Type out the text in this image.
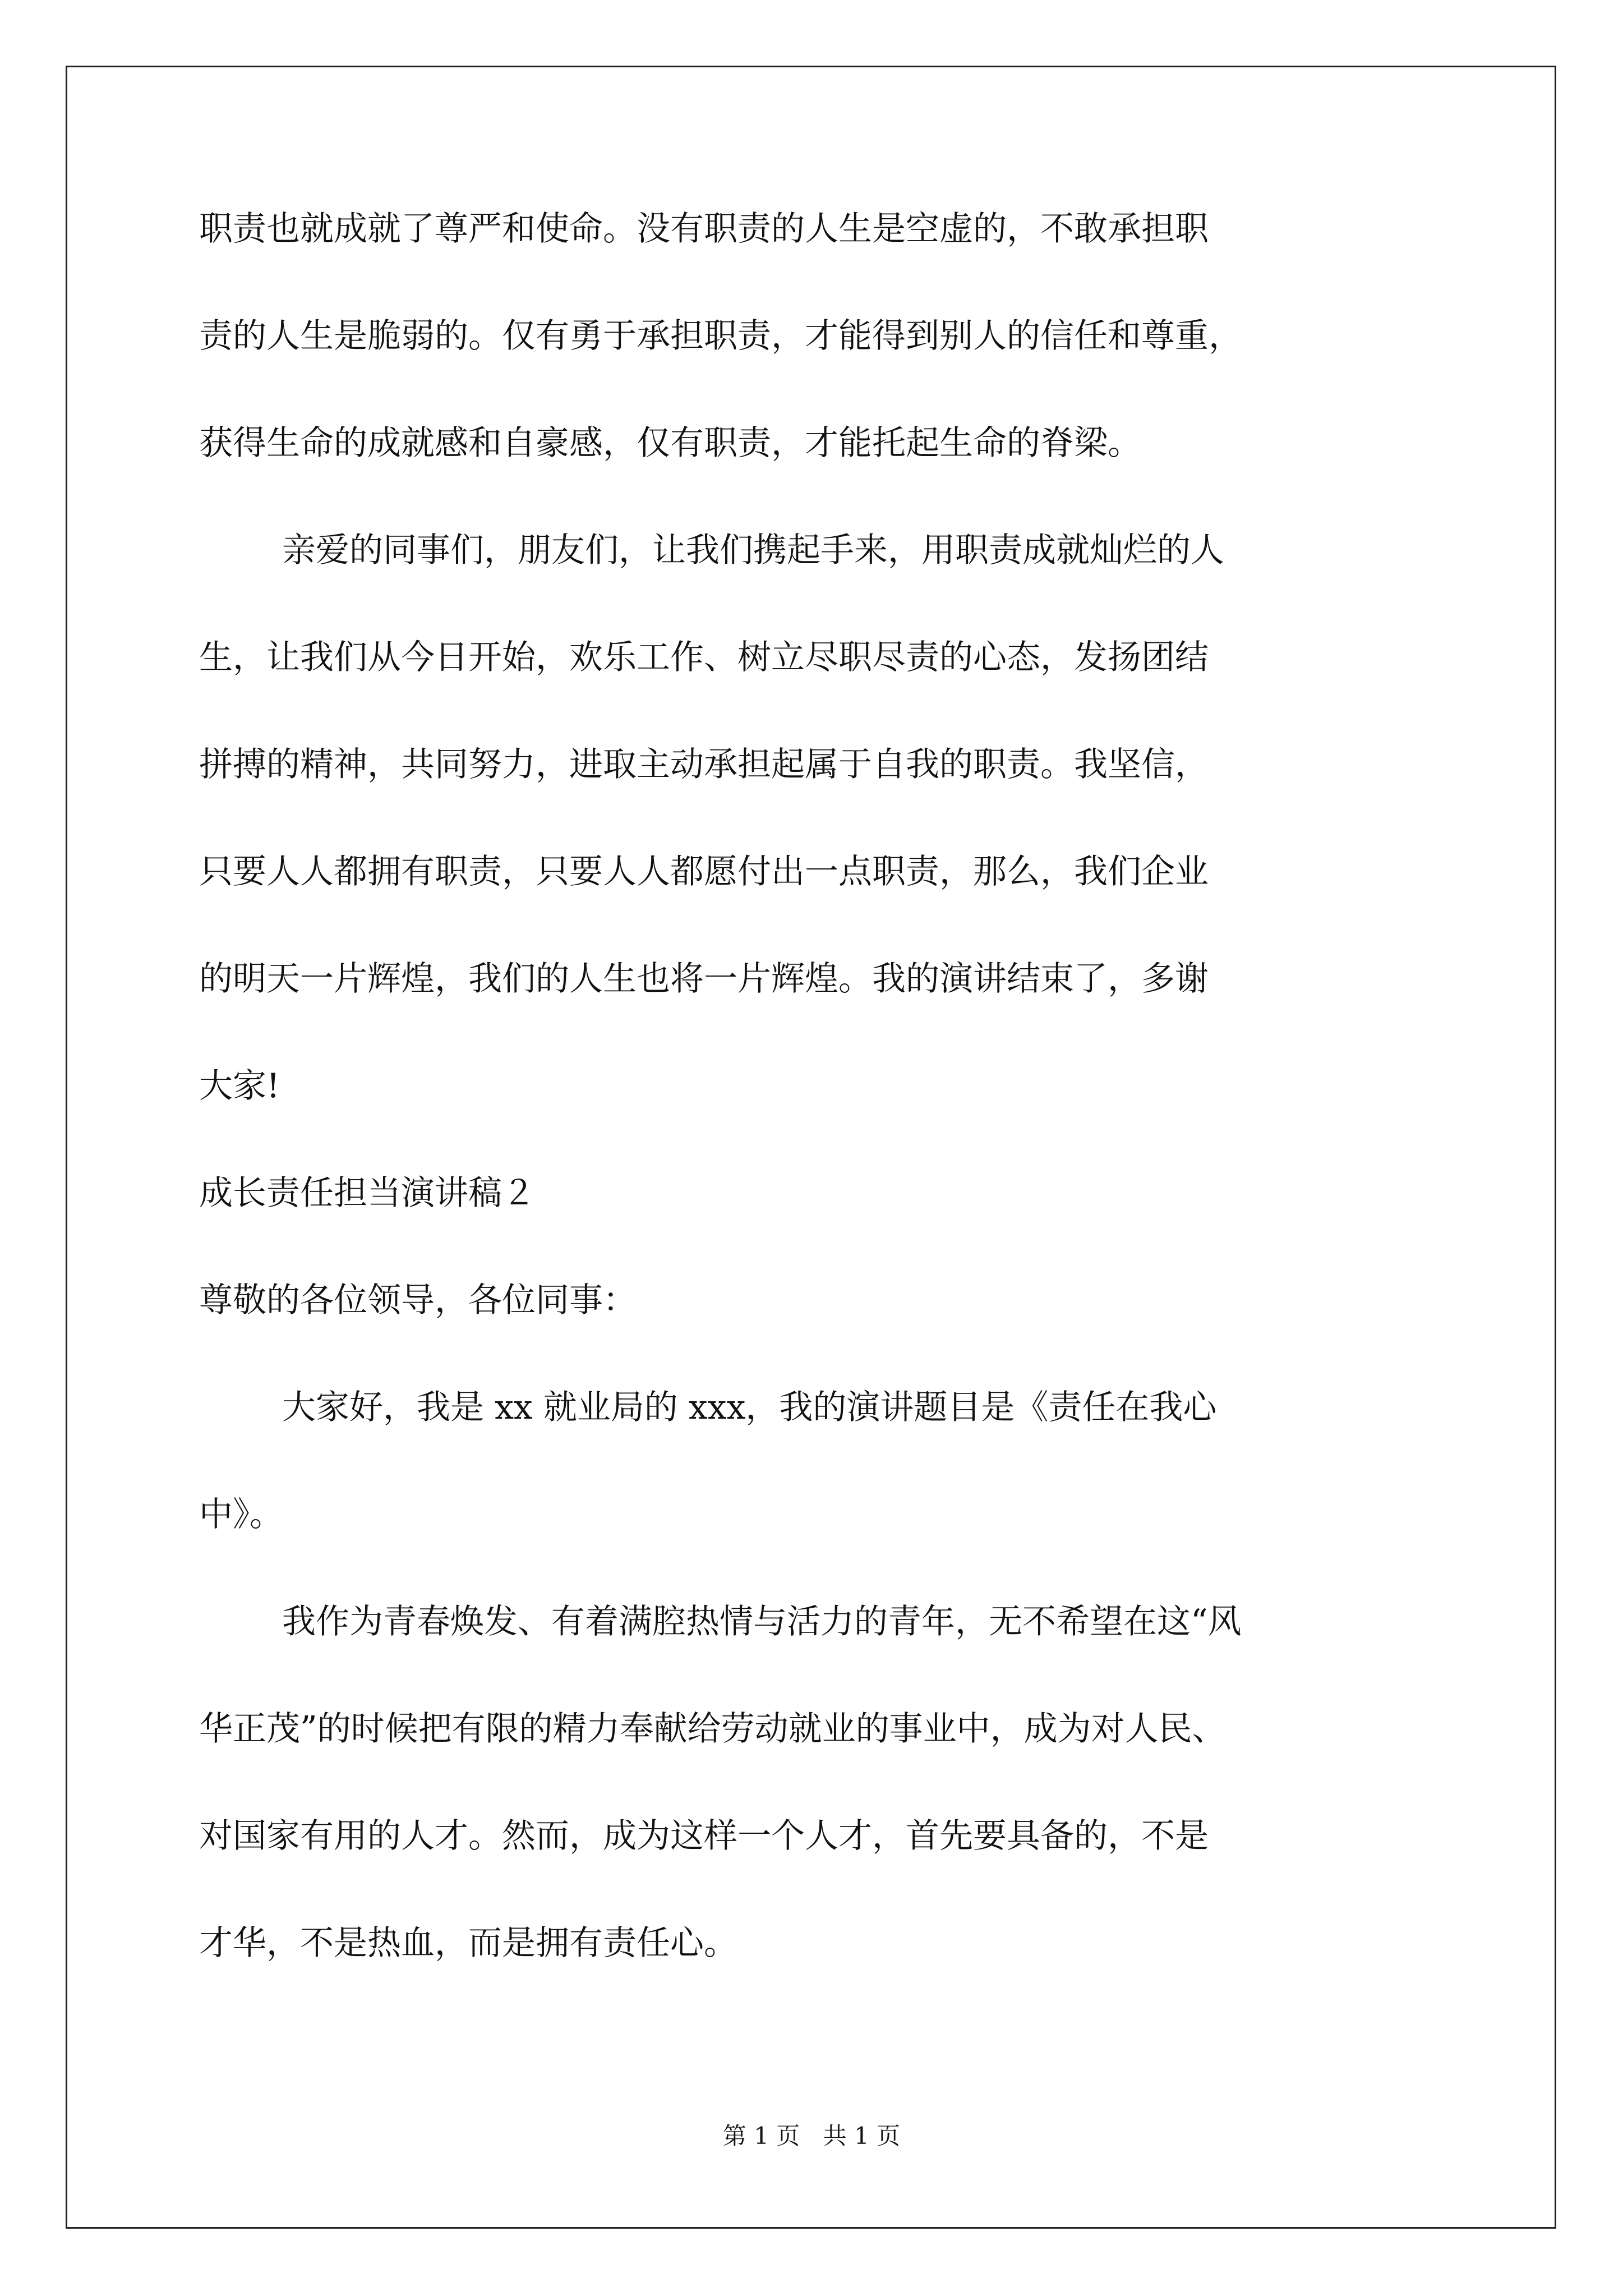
职责也就成就了尊严和使命。没有职责的人生是空虚的，不敢承担职

责的人生是脆弱的。仅有勇于承担职责，才能得到别人的信任和尊重，

获得生命的成就感和自豪感，仅有职责，才能托起生命的脊梁。

亲爱的同事们，朋友们，让我们携起手来，用职责成就灿烂的人

生，让我们从今日开始，欢乐工作、树立尽职尽责的心态，发扬团结

拼搏的精神，共同努力，进取主动承担起属于自我的职责。我坚信，

只要人人都拥有职责，只要人人都愿付出一点职责，那么，我们企业

的明天一片辉煌，我们的人生也将一片辉煌。我的演讲结束了，多谢

大家!

成长责任担当演讲稿２

尊敬的各位领导，各位同事：

大家好，我是 xx 就业局的 xxx，我的演讲题目是《责任在我心

中》。

我作为青春焕发、有着满腔热情与活力的青年，无不希望在这“风

华正茂”的时候把有限的精力奉献给劳动就业的事业中，成为对人民、

对国家有用的人才。然而，成为这样一个人才，首先要具备的，不是

才华，不是热血，而是拥有责任心。

第 1 页 共 1 页
